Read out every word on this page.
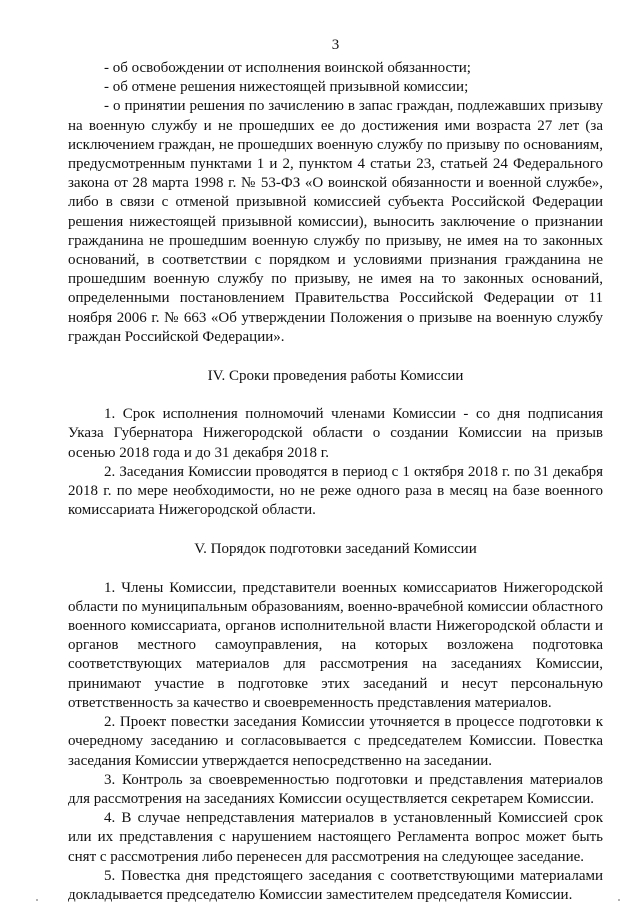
3

- об освобождении от исполнения воинской обязанности;

- об отмене решения нижестоящей призывной комиссии;

- о принятии решения по зачислению в запас граждан, подлежавших призыву на военную службу и не прошедших ее до достижения ими возраста 27 лет (за исключением граждан, не прошедших военную службу по призыву по основаниям, предусмотренным пунктами 1 и 2, пунктом 4 статьи 23, статьей 24 Федерального закона от 28 марта 1998 г. № 53-ФЗ «О воинской обязанности и военной службе», либо в связи с отменой призывной комиссией субъекта Российской Федерации решения нижестоящей призывной комиссии), выносить заключение о признании гражданина не прошедшим военную службу по призыву, не имея на то законных оснований, в соответствии с порядком и условиями признания гражданина не прошедшим военную службу по призыву, не имея на то законных оснований, определенными постановлением Правительства Российской Федерации от 11 ноября 2006 г. № 663 «Об утверждении Положения о призыве на военную службу граждан Российской Федерации».

IV. Сроки проведения работы Комиссии

1. Срок исполнения полномочий членами Комиссии - со дня подписания Указа Губернатора Нижегородской области о создании Комиссии на призыв осенью 2018 года и до 31 декабря 2018 г.

2. Заседания Комиссии проводятся в период с 1 октября 2018 г. по 31 декабря 2018 г. по мере необходимости, но не реже одного раза в месяц на базе военного комиссариата Нижегородской области.

V. Порядок подготовки заседаний Комиссии

1. Члены Комиссии, представители военных комиссариатов Нижегородской области по муниципальным образованиям, военно-врачебной комиссии областного военного комиссариата, органов исполнительной власти Нижегородской области и органов местного самоуправления, на которых возложена подготовка соответствующих материалов для рассмотрения на заседаниях Комиссии, принимают участие в подготовке этих заседаний и несут персональную ответственность за качество и своевременность представления материалов.

2. Проект повестки заседания Комиссии уточняется в процессе подготовки к очередному заседанию и согласовывается с председателем Комиссии. Повестка заседания Комиссии утверждается непосредственно на заседании.

3. Контроль за своевременностью подготовки и представления материалов для рассмотрения на заседаниях Комиссии осуществляется секретарем Комиссии.

4. В случае непредставления материалов в установленный Комиссией срок или их представления с нарушением настоящего Регламента вопрос может быть снят с рассмотрения либо перенесен для рассмотрения на следующее заседание.

5. Повестка дня предстоящего заседания с соответствующими материалами докладывается председателю Комиссии заместителем председателя Комиссии.
